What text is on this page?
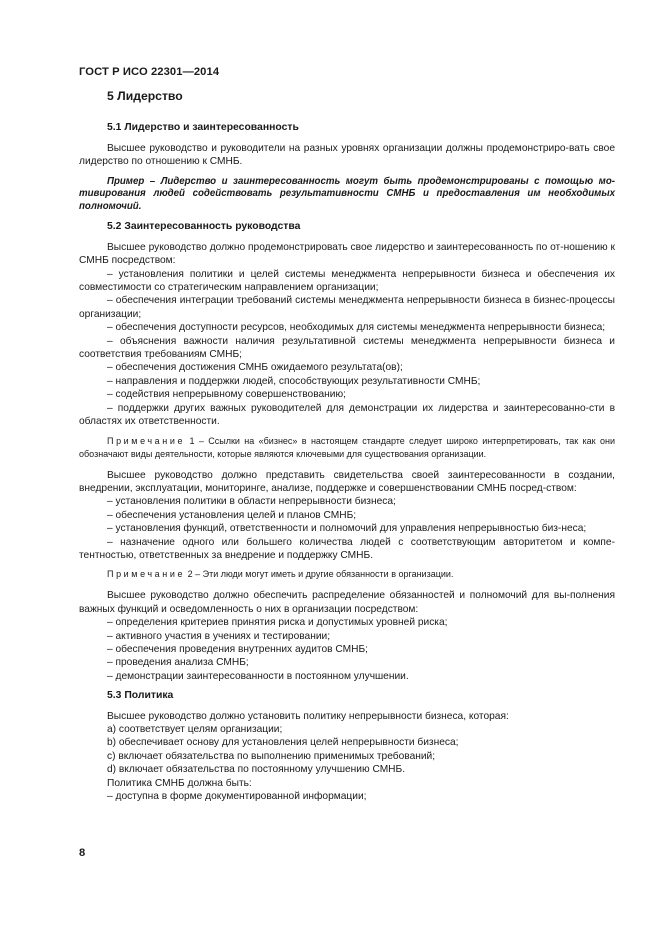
ГОСТ Р ИСО 22301—2014
5 Лидерство
5.1 Лидерство и заинтересованность

Высшее руководство и руководители на разных уровнях организации должны продемонстриро-вать свое лидерство по отношению к СМНБ.

Пример – Лидерство и заинтересованность могут быть продемонстрированы с помощью мо-тивирования людей содействовать результативности СМНБ и предоставления им необходимых полномочий.

5.2 Заинтересованность руководства

Высшее руководство должно продемонстрировать свое лидерство и заинтересованность по от-ношению к СМНБ посредством:

– установления политики и целей системы менеджмента непрерывности бизнеса и обеспечения их совместимости со стратегическим направлением организации;

– обеспечения интеграции требований системы менеджмента непрерывности бизнеса в бизнес-процессы организации;

– обеспечения доступности ресурсов, необходимых для системы менеджмента непрерывности бизнеса;

– объяснения важности наличия результативной системы менеджмента непрерывности бизнеса и соответствия требованиям СМНБ;

– обеспечения достижения СМНБ ожидаемого результата(ов);

– направления и поддержки людей, способствующих результативности СМНБ;

– содействия непрерывному совершенствованию;

– поддержки других важных руководителей для демонстрации их лидерства и заинтересованно-сти в областях их ответственности.

Примечание 1 – Ссылки на «бизнес» в настоящем стандарте следует широко интерпретировать, так как они обозначают виды деятельности, которые являются ключевыми для существования организации.

Высшее руководство должно представить свидетельства своей заинтересованности в создании, внедрении, эксплуатации, мониторинге, анализе, поддержке и совершенствовании СМНБ посред-ством:

– установления политики в области непрерывности бизнеса;

– обеспечения установления целей и планов СМНБ;

– установления функций, ответственности и полномочий для управления непрерывностью биз-неса;

– назначение одного или большего количества людей с соответствующим авторитетом и компе-тентностью, ответственных за внедрение и поддержку СМНБ.

Примечание 2 – Эти люди могут иметь и другие обязанности в организации.

Высшее руководство должно обеспечить распределение обязанностей и полномочий для вы-полнения важных функций и осведомленность о них в организации посредством:

– определения критериев принятия риска и допустимых уровней риска;

– активного участия в учениях и тестировании;

– обеспечения проведения внутренних аудитов СМНБ;

– проведения анализа СМНБ;

– демонстрации заинтересованности в постоянном улучшении.

5.3 Политика

Высшее руководство должно установить политику непрерывности бизнеса, которая:

a) соответствует целям организации;

b) обеспечивает основу для установления целей непрерывности бизнеса;

c) включает обязательства по выполнению применимых требований;

d) включает обязательства по постоянному улучшению СМНБ.

Политика СМНБ должна быть:

– доступна в форме документированной информации;

8
